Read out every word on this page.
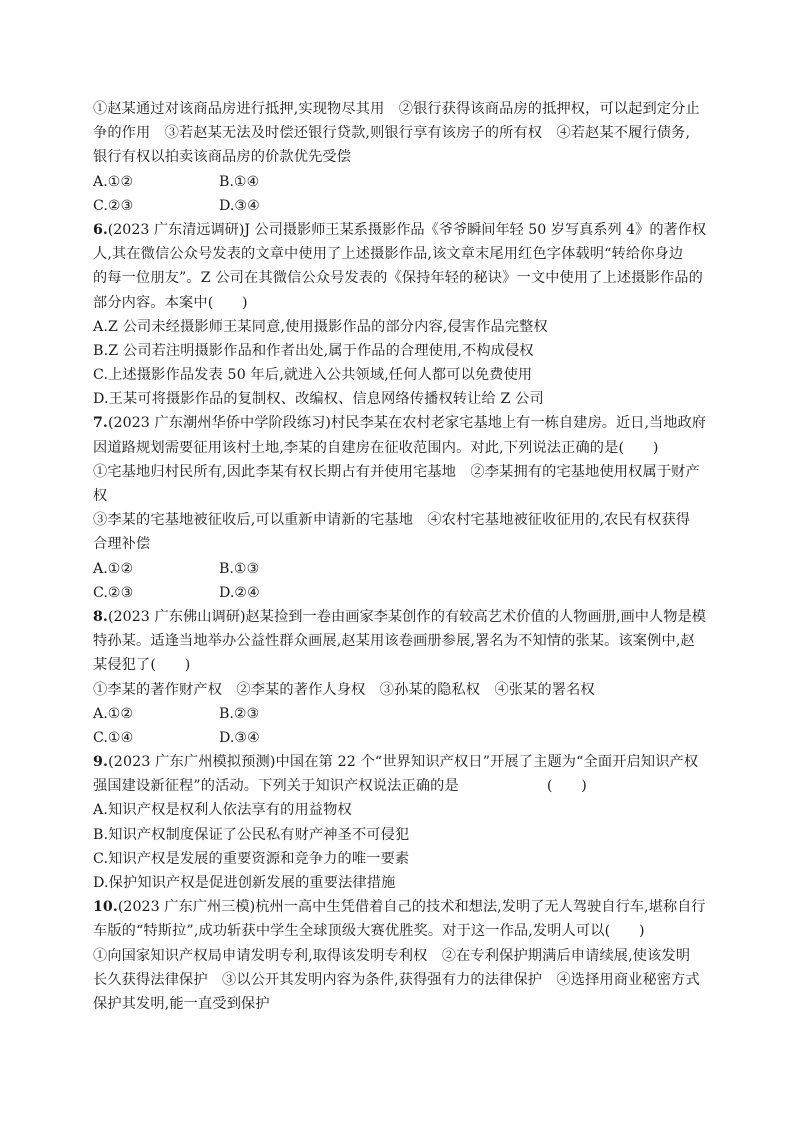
①赵某通过对该商品房进行抵押,实现物尽其用　②银行获得该商品房的抵押权，可以起到定分止
争的作用　③若赵某无法及时偿还银行贷款,则银行享有该房子的所有权　④若赵某不履行债务,
银行有权以拍卖该商品房的价款优先受偿
A.①②	B.①④
C.②③	D.③④
6.(2023 广东清远调研)J 公司摄影师王某系摄影作品《爷爷瞬间年轻 50 岁写真系列 4》的著作权
人,其在微信公众号发表的文章中使用了上述摄影作品,该文章末尾用红色字体载明“转给你身边
的每一位朋友”。Z 公司在其微信公众号发表的《保持年轻的秘诀》一文中使用了上述摄影作品的
部分内容。本案中(　　)
A.Z 公司未经摄影师王某同意,使用摄影作品的部分内容,侵害作品完整权
B.Z 公司若注明摄影作品和作者出处,属于作品的合理使用,不构成侵权
C.上述摄影作品发表 50 年后,就进入公共领域,任何人都可以免费使用
D.王某可将摄影作品的复制权、改编权、信息网络传播权转让给 Z 公司
7.(2023 广东潮州华侨中学阶段练习)村民李某在农村老家宅基地上有一栋自建房。近日,当地政府
因道路规划需要征用该村土地,李某的自建房在征收范围内。对此,下列说法正确的是(　　)
①宅基地归村民所有,因此李某有权长期占有并使用宅基地　②李某拥有的宅基地使用权属于财产
权
③李某的宅基地被征收后,可以重新申请新的宅基地　④农村宅基地被征收征用的,农民有权获得
合理补偿
A.①②	B.①③
C.②③	D.②④
8.(2023 广东佛山调研)赵某捡到一卷由画家李某创作的有较高艺术价值的人物画册,画中人物是模
特孙某。适逢当地举办公益性群众画展,赵某用该卷画册参展,署名为不知情的张某。该案例中,赵
某侵犯了(　　)
①李某的著作财产权　②李某的著作人身权　③孙某的隐私权　④张某的署名权
A.①②	B.②③
C.①④	D.③④
9.(2023 广东广州模拟预测)中国在第 22 个“世界知识产权日”开展了主题为“全面开启知识产权
强国建设新征程”的活动。下列关于知识产权说法正确的是	(　　)
A.知识产权是权利人依法享有的用益物权
B.知识产权制度保证了公民私有财产神圣不可侵犯
C.知识产权是发展的重要资源和竞争力的唯一要素
D.保护知识产权是促进创新发展的重要法律措施
10.(2023 广东广州三模)杭州一高中生凭借着自己的技术和想法,发明了无人驾驶自行车,堪称自行
车版的“特斯拉”,成功斩获中学生全球顶级大赛优胜奖。对于这一作品,发明人可以(　　)
①向国家知识产权局申请发明专利,取得该发明专利权　②在专利保护期满后申请续展,使该发明
长久获得法律保护　③以公开其发明内容为条件,获得强有力的法律保护　④选择用商业秘密方式
保护其发明,能一直受到保护
